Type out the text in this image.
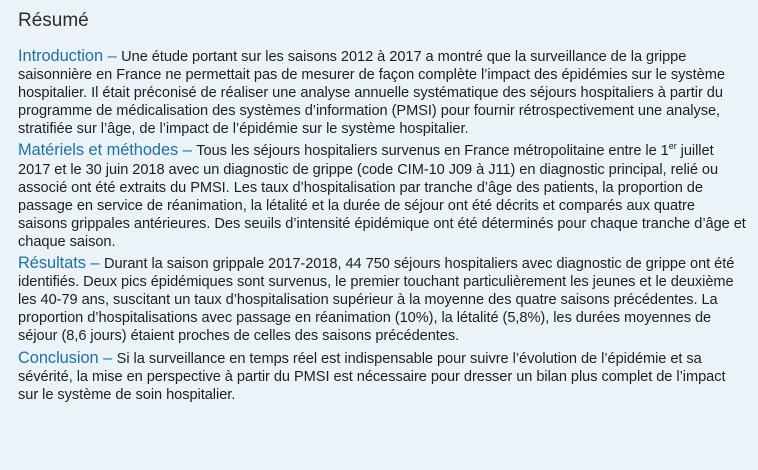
Résumé

Introduction – Une étude portant sur les saisons 2012 à 2017 a montré que la surveillance de la grippe saisonnière en France ne permettait pas de mesurer de façon complète l’impact des épidémies sur le système hospitalier. Il était préconisé de réaliser une analyse annuelle systématique des séjours hospitaliers à partir du programme de médicalisation des systèmes d’information (PMSI) pour fournir rétrospectivement une analyse, stratifiée sur l’âge, de l’impact de l’épidémie sur le système hospitalier.

Matériels et méthodes – Tous les séjours hospitaliers survenus en France métropolitaine entre le 1er juillet 2017 et le 30 juin 2018 avec un diagnostic de grippe (code CIM-10 J09 à J11) en diagnostic principal, relié ou associé ont été extraits du PMSI. Les taux d’hospitalisation par tranche d’âge des patients, la proportion de passage en service de réanimation, la létalité et la durée de séjour ont été décrits et comparés aux quatre saisons grippales antérieures. Des seuils d’intensité épidémique ont été déterminés pour chaque tranche d’âge et chaque saison.

Résultats – Durant la saison grippale 2017-2018, 44 750 séjours hospitaliers avec diagnostic de grippe ont été identifiés. Deux pics épidémiques sont survenus, le premier touchant particulièrement les jeunes et le deuxième les 40-79 ans, suscitant un taux d’hospitalisation supérieur à la moyenne des quatre saisons précédentes. La proportion d’hospitalisations avec passage en réanimation (10%), la létalité (5,8%), les durées moyennes de séjour (8,6 jours) étaient proches de celles des saisons précédentes.

Conclusion – Si la surveillance en temps réel est indispensable pour suivre l’évolution de l’épidémie et sa sévérité, la mise en perspective à partir du PMSI est nécessaire pour dresser un bilan plus complet de l’impact sur le système de soin hospitalier.
